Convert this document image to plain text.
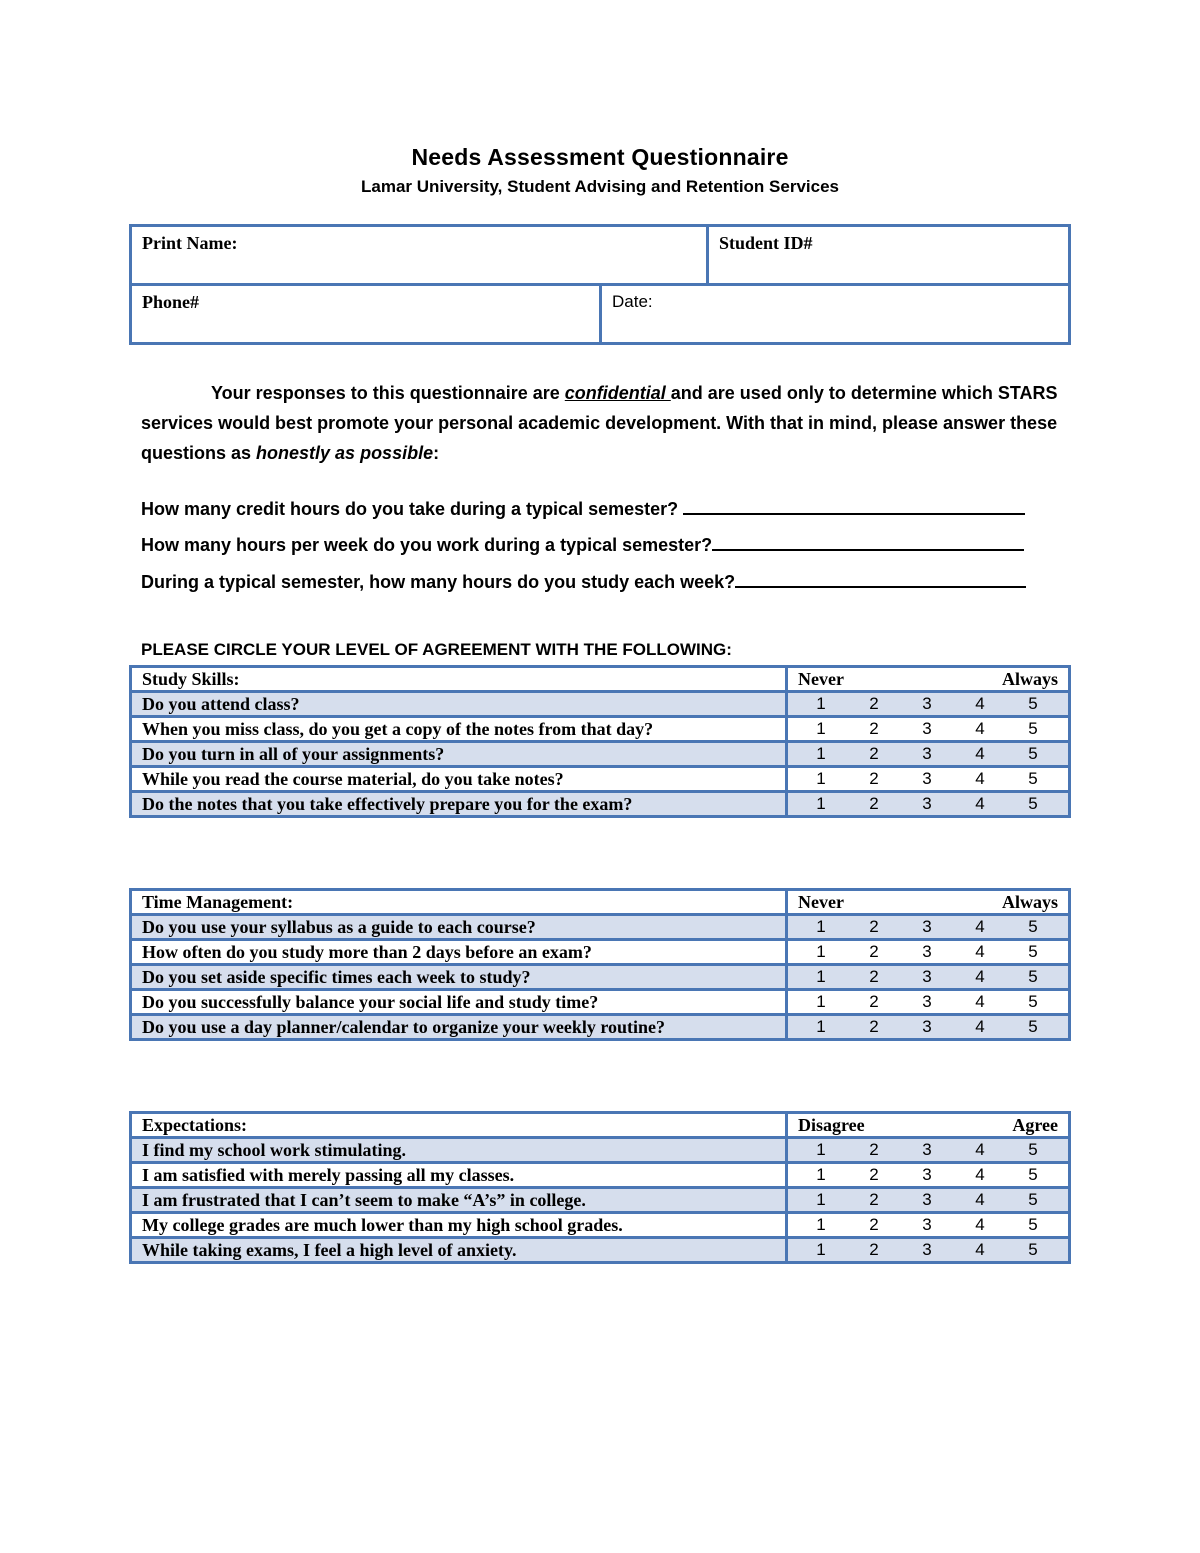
Needs Assessment Questionnaire
Lamar University, Student Advising and Retention Services
Print Name:	Student ID#
Phone#	Date:
Your responses to this questionnaire are confidential and are used only to determine which STARS services would best promote your personal academic development. With that in mind, please answer these questions as honestly as possible:
How many credit hours do you take during a typical semester?
How many hours per week do you work during a typical semester?
During a typical semester, how many hours do you study each week?
PLEASE CIRCLE YOUR LEVEL OF AGREEMENT WITH THE FOLLOWING:
Study Skills:	Never Always

Do you attend class?	1 2 3 4 5

When you miss class, do you get a copy of the notes from that day?	1 2 3 4 5

Do you turn in all of your assignments?	1 2 3 4 5

While you read the course material, do you take notes?	1 2 3 4 5

Do the notes that you take effectively prepare you for the exam?	1 2 3 4 5
Time Management:	Never Always

Do you use your syllabus as a guide to each course?	1 2 3 4 5

How often do you study more than 2 days before an exam?	1 2 3 4 5

Do you set aside specific times each week to study?	1 2 3 4 5

Do you successfully balance your social life and study time?	1 2 3 4 5

Do you use a day planner/calendar to organize your weekly routine?	1 2 3 4 5
Expectations:	Disagree Agree

I find my school work stimulating.	1 2 3 4 5

I am satisfied with merely passing all my classes.	1 2 3 4 5

I am frustrated that I can’t seem to make “A’s” in college.	1 2 3 4 5

My college grades are much lower than my high school grades.	1 2 3 4 5

While taking exams, I feel a high level of anxiety.	1 2 3 4 5
